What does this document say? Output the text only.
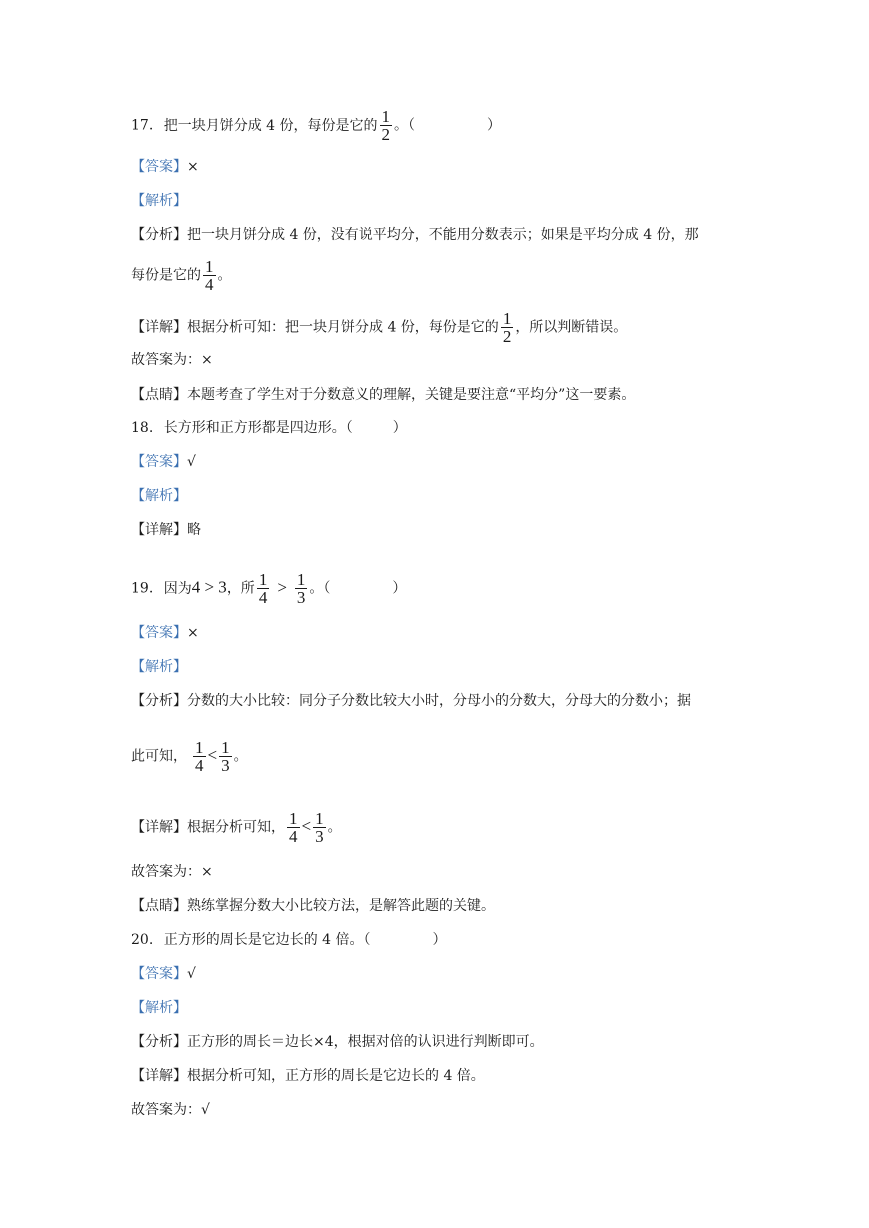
17. 把一块月饼分成 4 份，每份是它的 $\frac{1}{2}$ 。（	）
【答案】×
【解析】
【分析】把一块月饼分成 4 份，没有说平均分，不能用分数表示；如果是平均分成 4 份，那
每份是它的 $\frac{1}{4}$ 。
【详解】根据分析可知：把一块月饼分成 4 份，每份是它的 $\frac{1}{2}$ ，所以判断错误。
故答案为：×
【点睛】本题考查了学生对于分数意义的理解，关键是要注意“平均分”这一要素。
18. 长方形和正方形都是四边形。（	）
【答案】√
【解析】
【详解】略
19. 因为4 > 3，所 $\frac{1}{4} > \frac{1}{3}$ 。（	）
【答案】×
【解析】
【分析】分数的大小比较：同分子分数比较大小时，分母小的分数大，分母大的分数小；据
此可知， $\frac{1}{4} < \frac{1}{3}$ 。
【详解】根据分析可知， $\frac{1}{4} < \frac{1}{3}$ 。
故答案为：×
【点睛】熟练掌握分数大小比较方法，是解答此题的关键。
20. 正方形的周长是它边长的 4 倍。（	）
【答案】√
【解析】
【分析】正方形的周长＝边长×4，根据对倍的认识进行判断即可。
【详解】根据分析可知，正方形的周长是它边长的 4 倍。
故答案为：√
